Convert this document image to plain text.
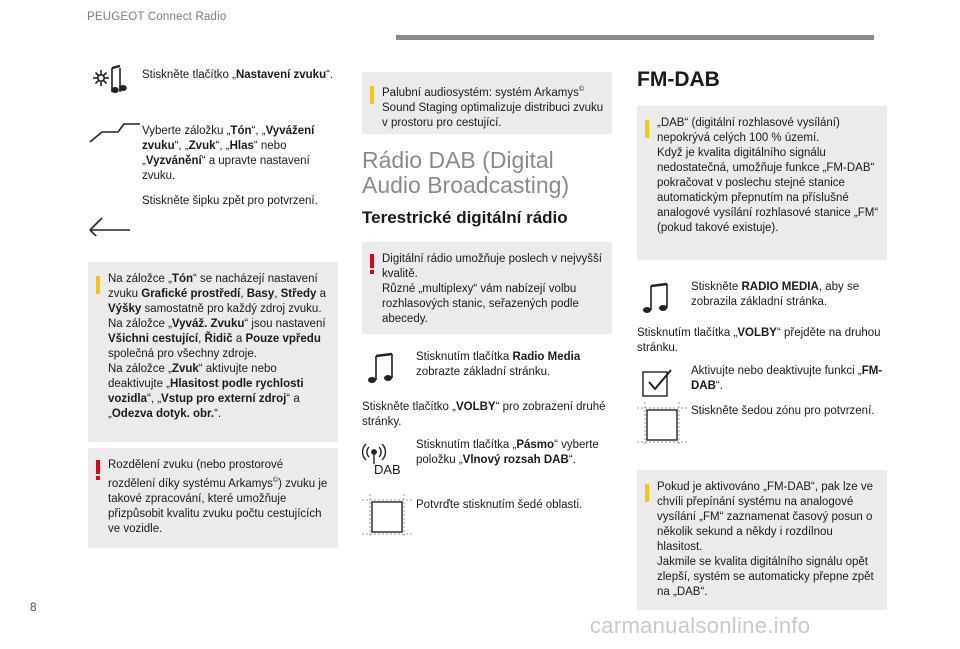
PEUGEOT Connect Radio
Stiskněte tlačítko „Nastavení zvuku“.
Vyberte záložku „Tón“, „Vyvážení zvuku“, „Zvuk“, „Hlas“ nebo „Vyzvánění“ a upravte nastavení zvuku.
Stiskněte šipku zpět pro potvrzení.
Na záložce „Tón“ se nacházejí nastavení zvuku Grafické prostředí, Basy, Středy a Výšky samostatně pro každý zdroj zvuku.
Na záložce „Vyváž. Zvuku“ jsou nastavení Všichni cestující, Řidič a Pouze vpředu společná pro všechny zdroje.
Na záložce „Zvuk“ aktivujte nebo deaktivujte „Hlasitost podle rychlosti vozidla“, „Vstup pro externí zdroj“ a „Odezva dotyk. obr.“.
Rozdělení zvuku (nebo prostorové rozdělení díky systému Arkamys©) zvuku je takové zpracování, které umožňuje přizpůsobit kvalitu zvuku počtu cestujících ve vozidle.
Palubní audiosystém: systém Arkamys© Sound Staging optimalizuje distribuci zvuku v prostoru pro cestující.
Rádio DAB (Digital Audio Broadcasting)
Terestrické digitální rádio
Digitální rádio umožňuje poslech v nejvyšší kvalitě.
Různé „multiplexy“ vám nabízejí volbu rozhlasových stanic, seřazených podle abecedy.
Stisknutím tlačítka Radio Media zobrazte základní stránku.
Stiskněte tlačítko „VOLBY“ pro zobrazení druhé stránky.
DAB
Stisknutím tlačítka „Pásmo“ vyberte položku „Vlnový rozsah DAB“.
Potvrďte stisknutím šedé oblasti.
FM-DAB
„DAB“ (digitální rozhlasové vysílání) nepokrývá celých 100 % území.
Když je kvalita digitálního signálu nedostatečná, umožňuje funkce „FM-DAB“ pokračovat v poslechu stejné stanice automatickým přepnutím na příslušné analogové vysílání rozhlasové stanice „FM“ (pokud takové existuje).
Stiskněte RADIO MEDIA, aby se zobrazila základní stránka.
Stisknutím tlačítka „VOLBY“ přejděte na druhou stránku.
Aktivujte nebo deaktivujte funkci „FM-DAB“.
Stiskněte šedou zónu pro potvrzení.
Pokud je aktivováno „FM-DAB“, pak lze ve chvíli přepínání systému na analogové vysílání „FM“ zaznamenat časový posun o několik sekund a někdy i rozdílnou hlasitost.
Jakmile se kvalita digitálního signálu opět zlepší, systém se automaticky přepne zpět na „DAB“.
8
carmanualsonline.info
